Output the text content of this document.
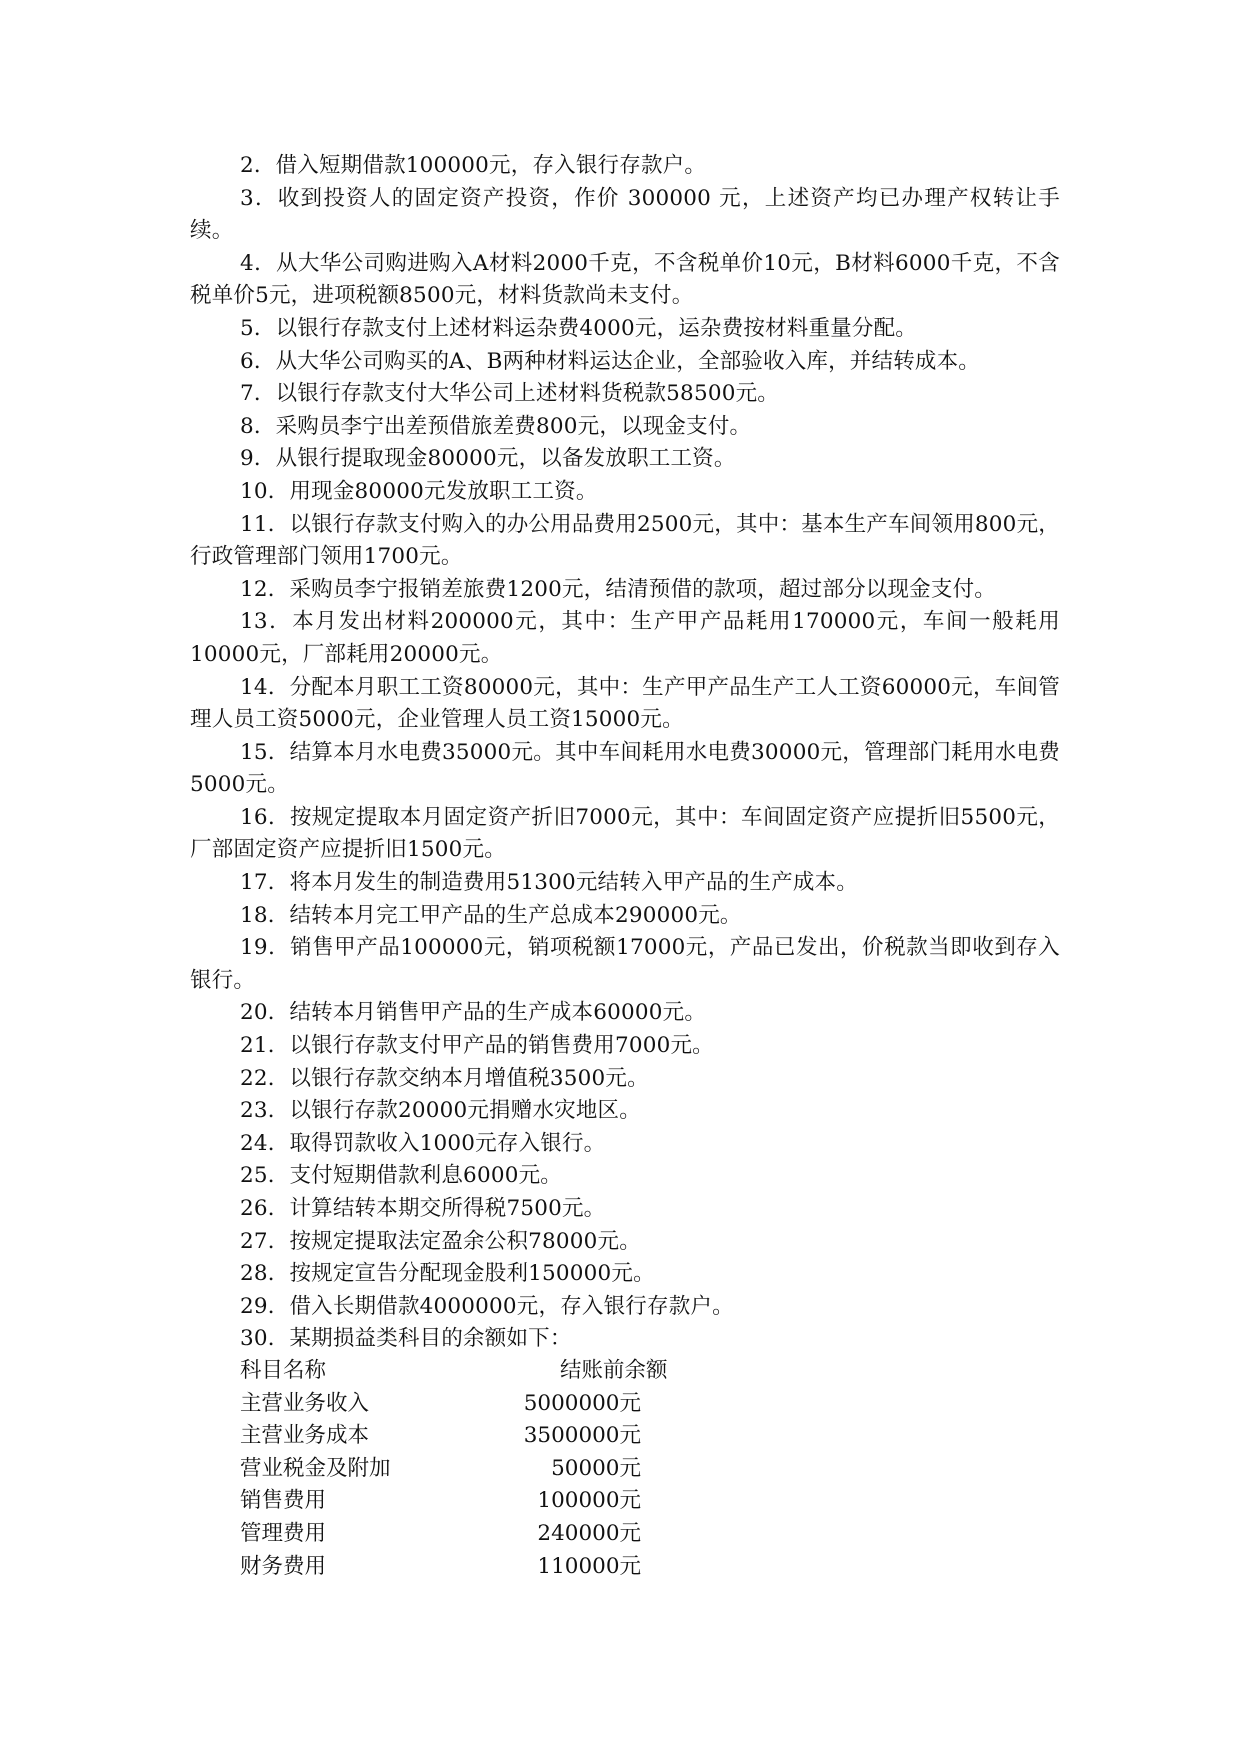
2．借入短期借款100000元，存入银行存款户。

3．收到投资人的固定资产投资，作价 300000 元，上述资产均已办理产权转让手续。

4．从大华公司购进购入A材料2000千克，不含税单价10元，B材料6000千克，不含税单价5元，进项税额8500元，材料货款尚未支付。

5．以银行存款支付上述材料运杂费4000元，运杂费按材料重量分配。

6．从大华公司购买的A、B两种材料运达企业，全部验收入库，并结转成本。

7．以银行存款支付大华公司上述材料货税款58500元。

8．采购员李宁出差预借旅差费800元，以现金支付。

9．从银行提取现金80000元，以备发放职工工资。

10．用现金80000元发放职工工资。

11．以银行存款支付购入的办公用品费用2500元，其中：基本生产车间领用800元，行政管理部门领用1700元。

12．采购员李宁报销差旅费1200元，结清预借的款项，超过部分以现金支付。

13．本月发出材料200000元，其中：生产甲产品耗用170000元，车间一般耗用10000元，厂部耗用20000元。

14．分配本月职工工资80000元，其中：生产甲产品生产工人工资60000元，车间管理人员工资5000元，企业管理人员工资15000元。

15．结算本月水电费35000元。其中车间耗用水电费30000元，管理部门耗用水电费5000元。

16．按规定提取本月固定资产折旧7000元，其中：车间固定资产应提折旧5500元，厂部固定资产应提折旧1500元。

17．将本月发生的制造费用51300元结转入甲产品的生产成本。

18．结转本月完工甲产品的生产总成本290000元。

19．销售甲产品100000元，销项税额17000元，产品已发出，价税款当即收到存入银行。

20．结转本月销售甲产品的生产成本60000元。

21．以银行存款支付甲产品的销售费用7000元。

22．以银行存款交纳本月增值税3500元。

23．以银行存款20000元捐赠水灾地区。

24．取得罚款收入1000元存入银行。

25．支付短期借款利息6000元。

26．计算结转本期交所得税7500元。

27．按规定提取法定盈余公积78000元。

28．按规定宣告分配现金股利150000元。

29．借入长期借款4000000元，存入银行存款户。

30．某期损益类科目的余额如下：

科目名称	结账前余额
主营业务收入	5000000元
主营业务成本	3500000元
营业税金及附加	50000元
销售费用	100000元
管理费用	240000元
财务费用	110000元
